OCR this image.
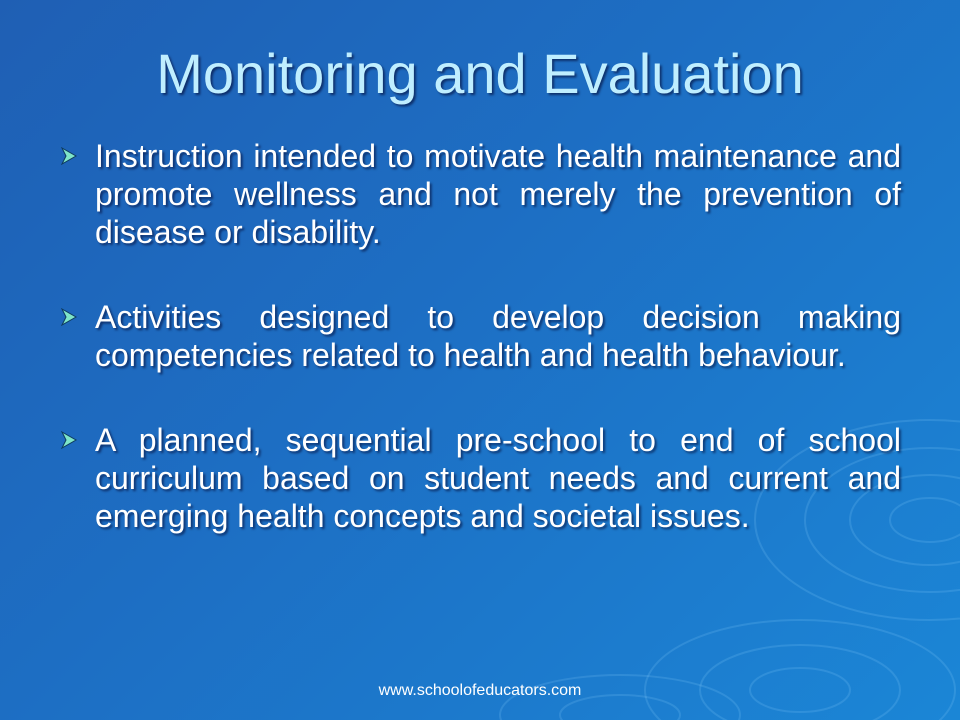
Monitoring and Evaluation
Instruction intended to motivate health maintenance and promote wellness and not merely the prevention of disease or disability.
Activities designed to develop decision making competencies related to health and health behaviour.
A planned, sequential pre-school to end of school curriculum based on student needs and current and emerging health concepts and societal issues.
www.schoolofeducators.com
